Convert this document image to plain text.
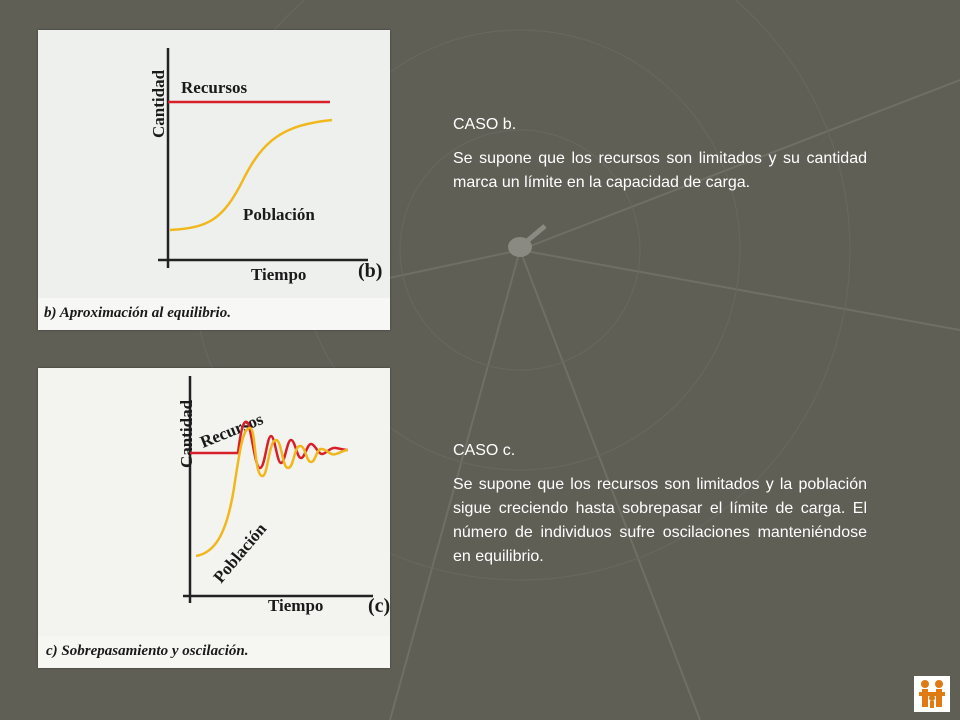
Cantidad
Tiempo	(b)
Recursos
Población
b) Aproximación al equilibrio.
Cantidad
Tiempo (c)
Recursos
Población
c) Sobrepasamiento y oscilación.

CASO b.

Se supone que los recursos son limitados y su cantidad marca un límite en la capacidad de carga.

CASO c.

Se supone que los recursos son limitados y la población sigue creciendo hasta sobrepasar el límite de carga. El número de individuos sufre oscilaciones manteniéndose en equilibrio.
